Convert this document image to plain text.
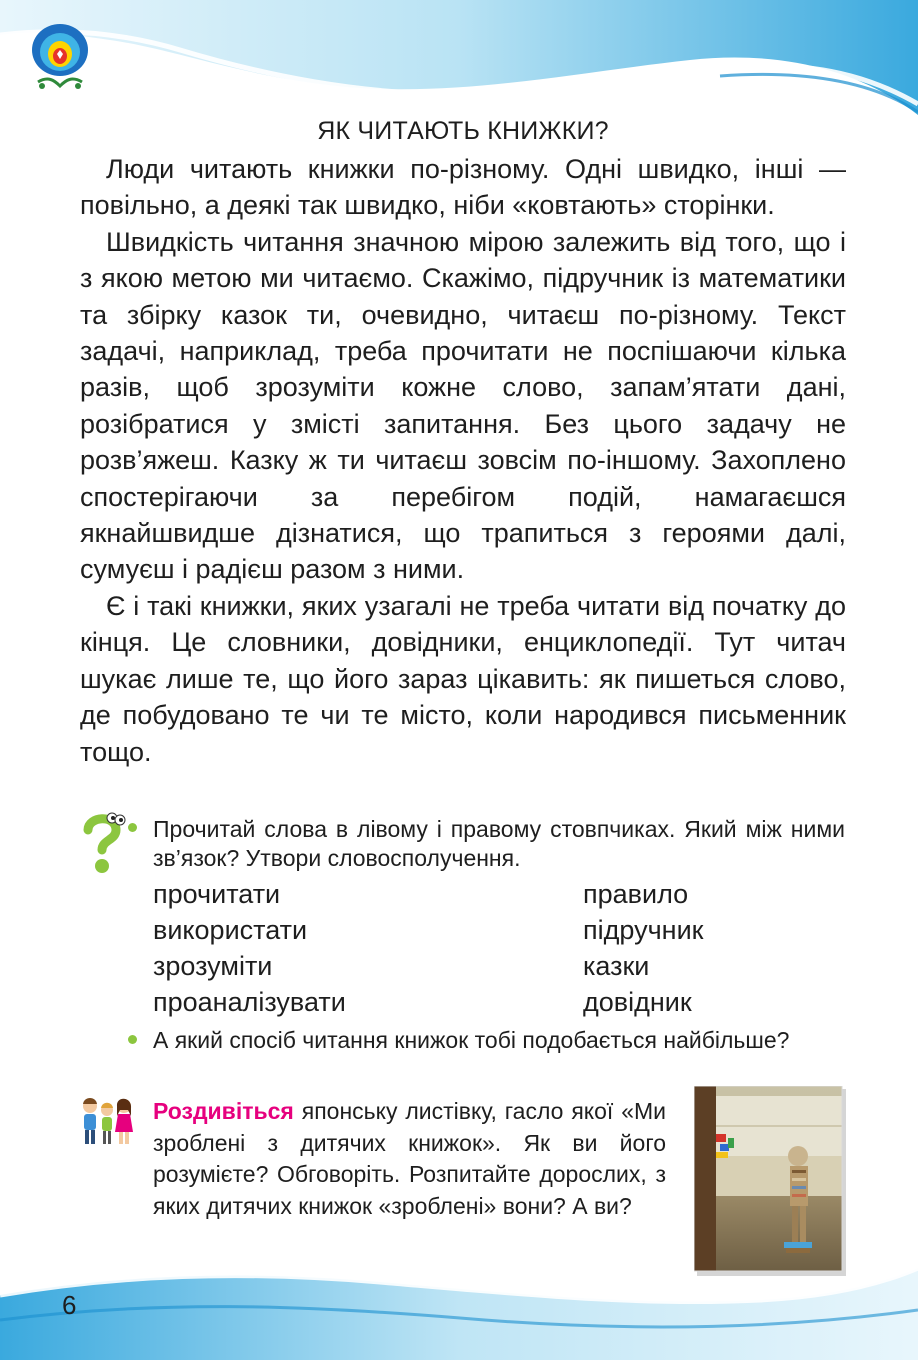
ЯК ЧИТАЮТЬ КНИЖКИ?

Люди читають книжки по-різному. Одні швидко, інші — повільно, а деякі так швидко, ніби «ковтають» сторінки.

Швидкість читання значною мірою залежить від того, що і з якою метою ми читаємо. Скажімо, підручник із математики та збірку казок ти, очевидно, читаєш по-різному. Текст задачі, наприклад, треба прочитати не поспішаючи кілька разів, щоб зрозуміти кожне слово, запам’ятати дані, розібратися у змісті запитання. Без цього задачу не розв’яжеш. Казку ж ти читаєш зовсім по-іншому. Захоплено спостерігаючи за перебігом подій, намагаєшся якнайшвидше дізнатися, що трапиться з героями далі, сумуєш і радієш разом з ними.

Є і такі книжки, яких узагалі не треба читати від початку до кінця. Це словники, довідники, енциклопедії. Тут читач шукає лише те, що його зараз цікавить: як пишеться слово, де побудовано те чи те місто, коли народився письменник тощо.

Прочитай слова в лівому і правому стовпчиках. Який між ними зв’язок? Утвори словосполучення.
прочитати	правило
використати	підручник
зрозуміти	казки
проаналізувати	довідник
А який спосіб читання книжок тобі подобається найбільше?
Роздивіться японську листівку, гасло якої «Ми зроблені з дитячих книжок». Як ви його розумієте? Обговоріть. Розпитайте дорослих, з яких дитячих книжок «зроблені» вони? А ви?
6
